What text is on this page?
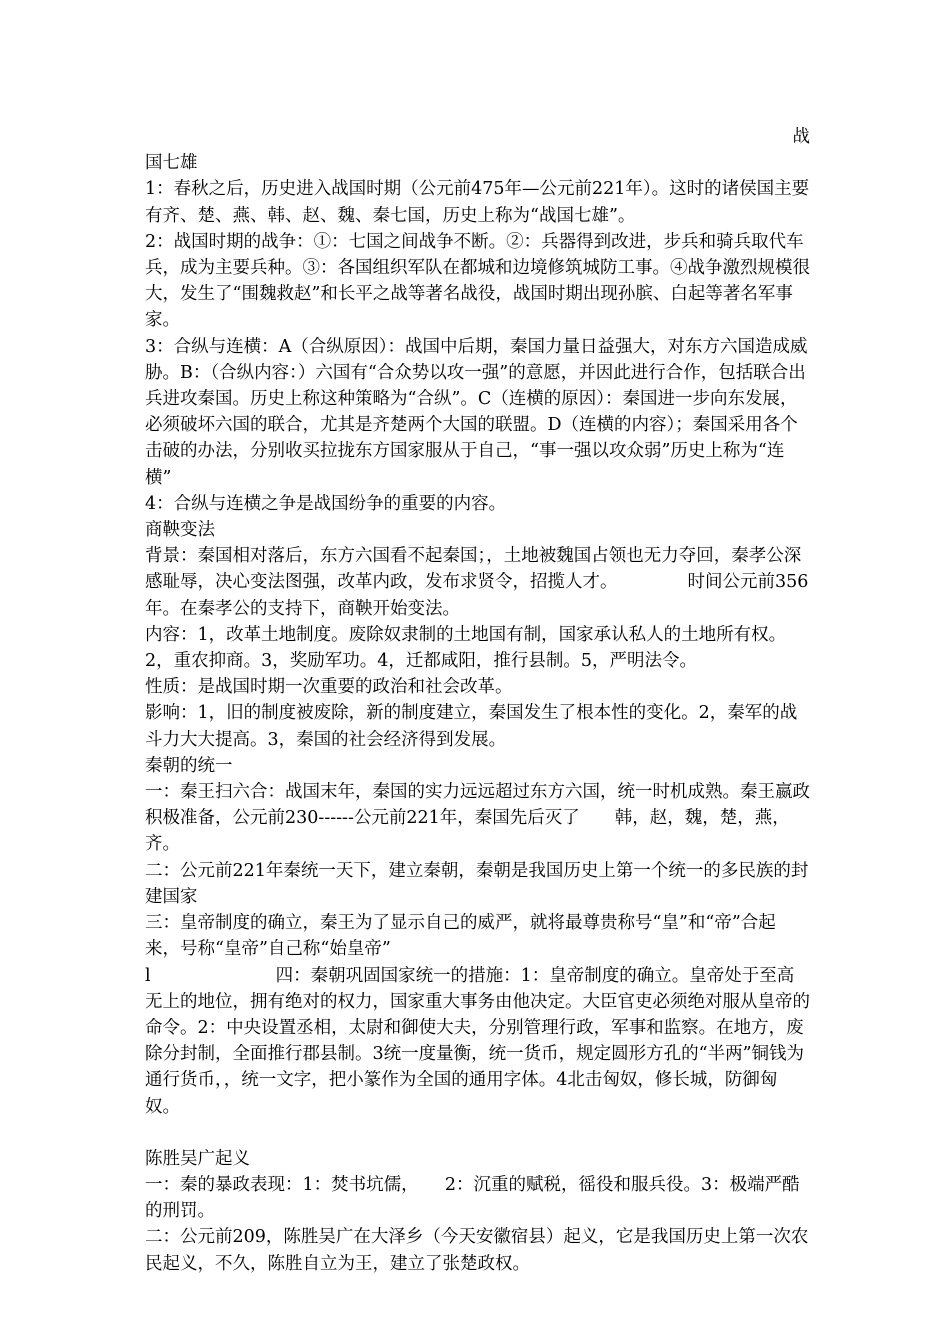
战

国七雄

1：春秋之后，历史进入战国时期（公元前475年—公元前221年）。这时的诸侯国主要有齐、楚、燕、韩、赵、魏、秦七国，历史上称为“战国七雄”。

2：战国时期的战争：①：七国之间战争不断。②：兵器得到改进，步兵和骑兵取代车兵，成为主要兵种。③：各国组织军队在都城和边境修筑城防工事。④战争激烈规模很大，发生了“围魏救赵”和长平之战等著名战役，战国时期出现孙膑、白起等著名军事家。

3：合纵与连横：A（合纵原因）：战国中后期，秦国力量日益强大，对东方六国造成威胁。B：（合纵内容：）六国有“合众势以攻一强”的意愿，并因此进行合作，包括联合出兵进攻秦国。历史上称这种策略为“合纵”。C（连横的原因）：秦国进一步向东发展，必须破坏六国的联合，尤其是齐楚两个大国的联盟。D（连横的内容）；秦国采用各个击破的办法，分别收买拉拢东方国家服从于自己，“事一强以攻众弱”历史上称为“连横”

4：合纵与连横之争是战国纷争的重要的内容。

商鞅变法

背景：秦国相对落后，东方六国看不起秦国；，土地被魏国占领也无力夺回，秦孝公深感耻辱，决心变法图强，改革内政，发布求贤令，招揽人才。	时间公元前356年。在秦孝公的支持下，商鞅开始变法。

内容：1，改革土地制度。废除奴隶制的土地国有制，国家承认私人的土地所有权。2，重农抑商。3，奖励军功。4，迁都咸阳，推行县制。5，严明法令。

性质：是战国时期一次重要的政治和社会改革。

影响：1，旧的制度被废除，新的制度建立，秦国发生了根本性的变化。2，秦军的战斗力大大提高。3，秦国的社会经济得到发展。

秦朝的统一

一：秦王扫六合：战国末年，秦国的实力远远超过东方六国，统一时机成熟。秦王嬴政积极准备，公元前230------公元前221年，秦国先后灭了　　韩，赵，魏，楚，燕，齐。

二：公元前221年秦统一天下，建立秦朝，秦朝是我国历史上第一个统一的多民族的封建国家

三：皇帝制度的确立，秦王为了显示自己的威严，就将最尊贵称号“皇”和“帝”合起来，号称“皇帝”自己称“始皇帝”

l	四：秦朝巩固国家统一的措施：1：皇帝制度的确立。皇帝处于至高无上的地位，拥有绝对的权力，国家重大事务由他决定。大臣官吏必须绝对服从皇帝的命令。2：中央设置丞相，太尉和御使大夫，分别管理行政，军事和监察。在地方，废除分封制，全面推行郡县制。3统一度量衡，统一货币，规定圆形方孔的“半两”铜钱为通行货币，，统一文字，把小篆作为全国的通用字体。4北击匈奴，修长城，防御匈奴。

陈胜吴广起义

一：秦的暴政表现：1：焚书坑儒，　　2：沉重的赋税，徭役和服兵役。3：极端严酷的刑罚。

二：公元前209，陈胜吴广在大泽乡（今天安徽宿县）起义，它是我国历史上第一次农民起义，不久，陈胜自立为王，建立了张楚政权。
